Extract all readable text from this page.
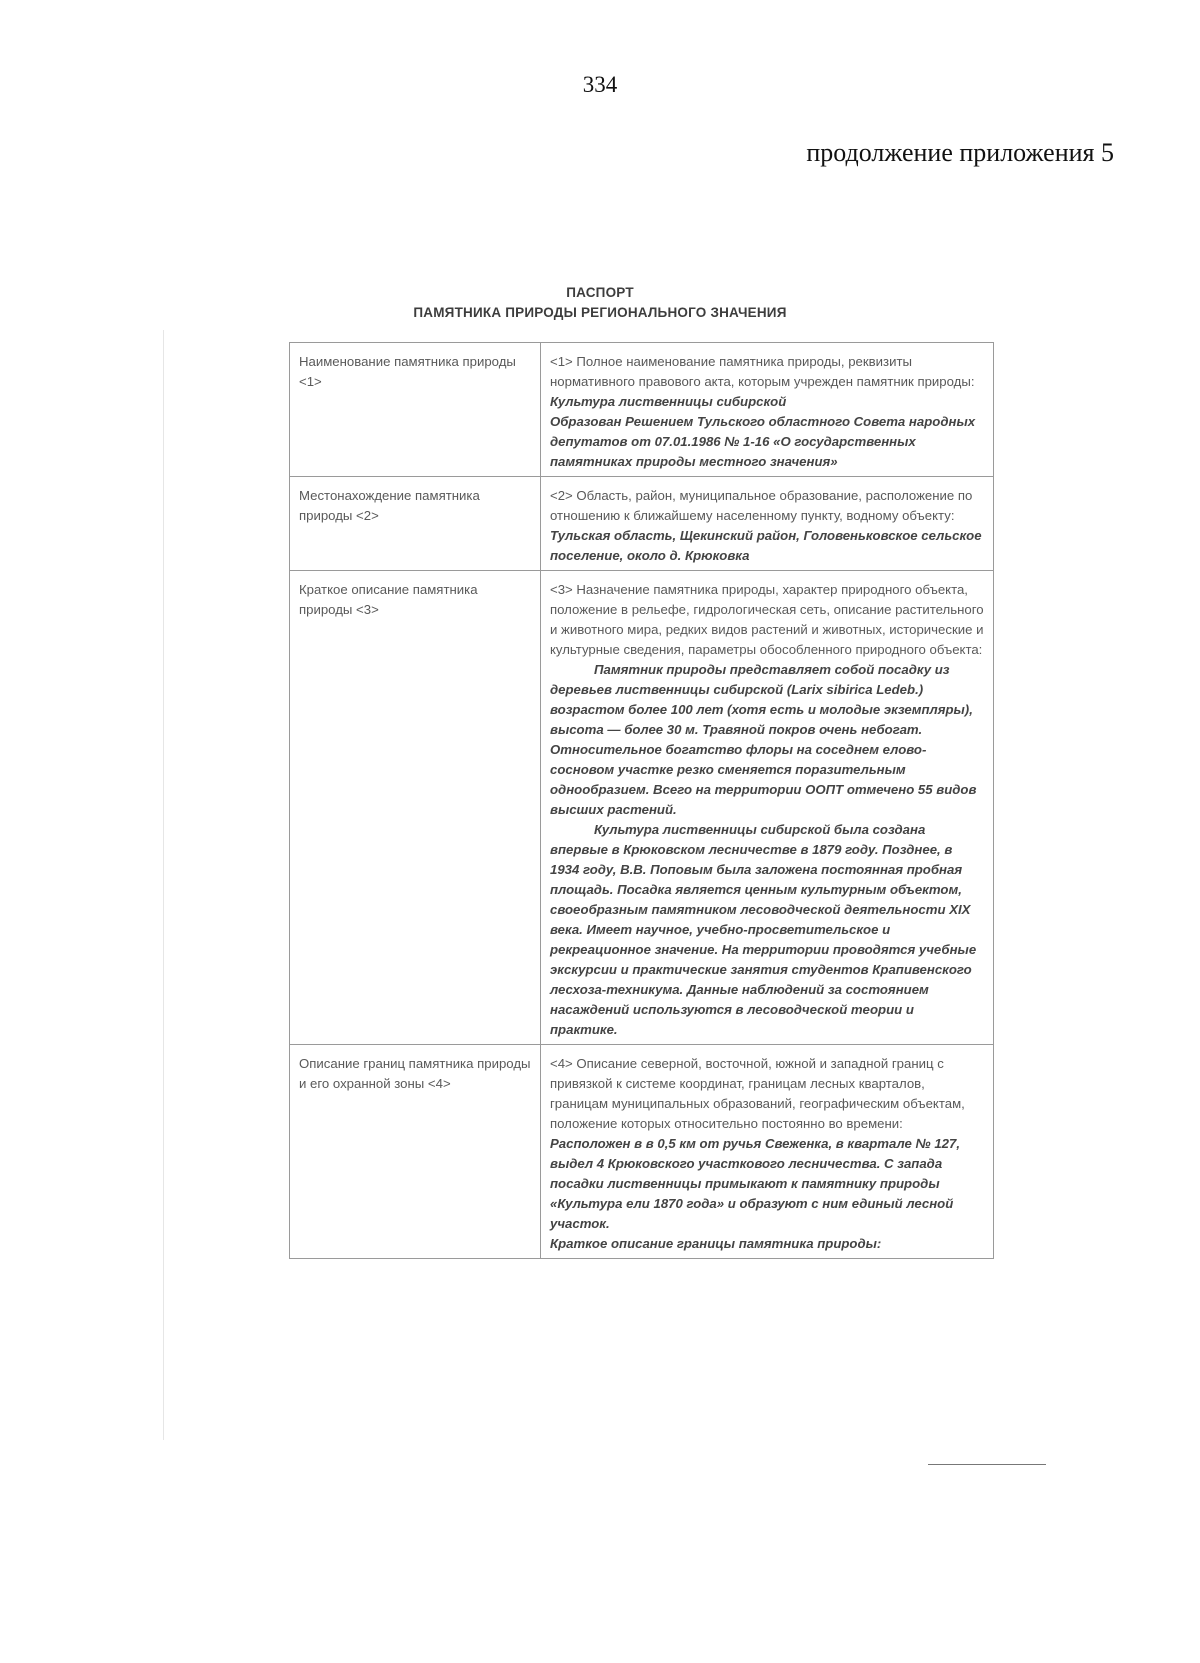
334
продолжение приложения 5
ПАСПОРТ
ПАМЯТНИКА ПРИРОДЫ РЕГИОНАЛЬНОГО ЗНАЧЕНИЯ
Наименование памятника природы <1>	<1> Полное наименование памятника природы, реквизиты нормативного правового акта, которым учрежден памятник природы:
Культура лиственницы сибирской
Образован Решением Тульского областного Совета народных депутатов от 07.01.1986 № 1-16 «О государственных памятниках природы местного значения»

Местонахождение памятника природы <2>	<2> Область, район, муниципальное образование, расположение по отношению к ближайшему населенному пункту, водному объекту:
Тульская область, Щекинский район, Головеньковское сельское поселение, около д. Крюковка

Краткое описание памятника природы <3>	<3> Назначение памятника природы, характер природного объекта, положение в рельефе, гидрологическая сеть, описание растительного и животного мира, редких видов растений и животных, исторические и культурные сведения, параметры обособленного природного объекта:
Памятник природы представляет собой посадку из деревьев лиственницы сибирской (Larix sibirica Ledeb.) возрастом более 100 лет (хотя есть и молодые экземпляры), высота — более 30 м. Травяной покров очень небогат. Относительное богатство флоры на соседнем елово-сосновом участке резко сменяется поразительным однообразием. Всего на территории ООПТ отмечено 55 видов высших растений.
Культура лиственницы сибирской была создана впервые в Крюковском лесничестве в 1879 году. Позднее, в 1934 году, В.В. Поповым была заложена постоянная пробная площадь. Посадка является ценным культурным объектом, своеобразным памятником лесоводческой деятельности XIX века. Имеет научное, учебно-просветительское и рекреационное значение. На территории проводятся учебные экскурсии и практические занятия студентов Крапивенского лесхоза-техникума. Данные наблюдений за состоянием насаждений используются в лесоводческой теории и практике.

Описание границ памятника природы и его охранной зоны <4>	<4> Описание северной, восточной, южной и западной границ с привязкой к системе координат, границам лесных кварталов, границам муниципальных образований, географическим объектам, положение которых относительно постоянно во времени:
Расположен в в 0,5 км от ручья Свеженка, в квартале № 127, выдел 4 Крюковского участкового лесничества. С запада посадки лиственницы примыкают к памятнику природы «Культура ели 1870 года» и образуют с ним единый лесной участок.
Краткое описание границы памятника природы:
